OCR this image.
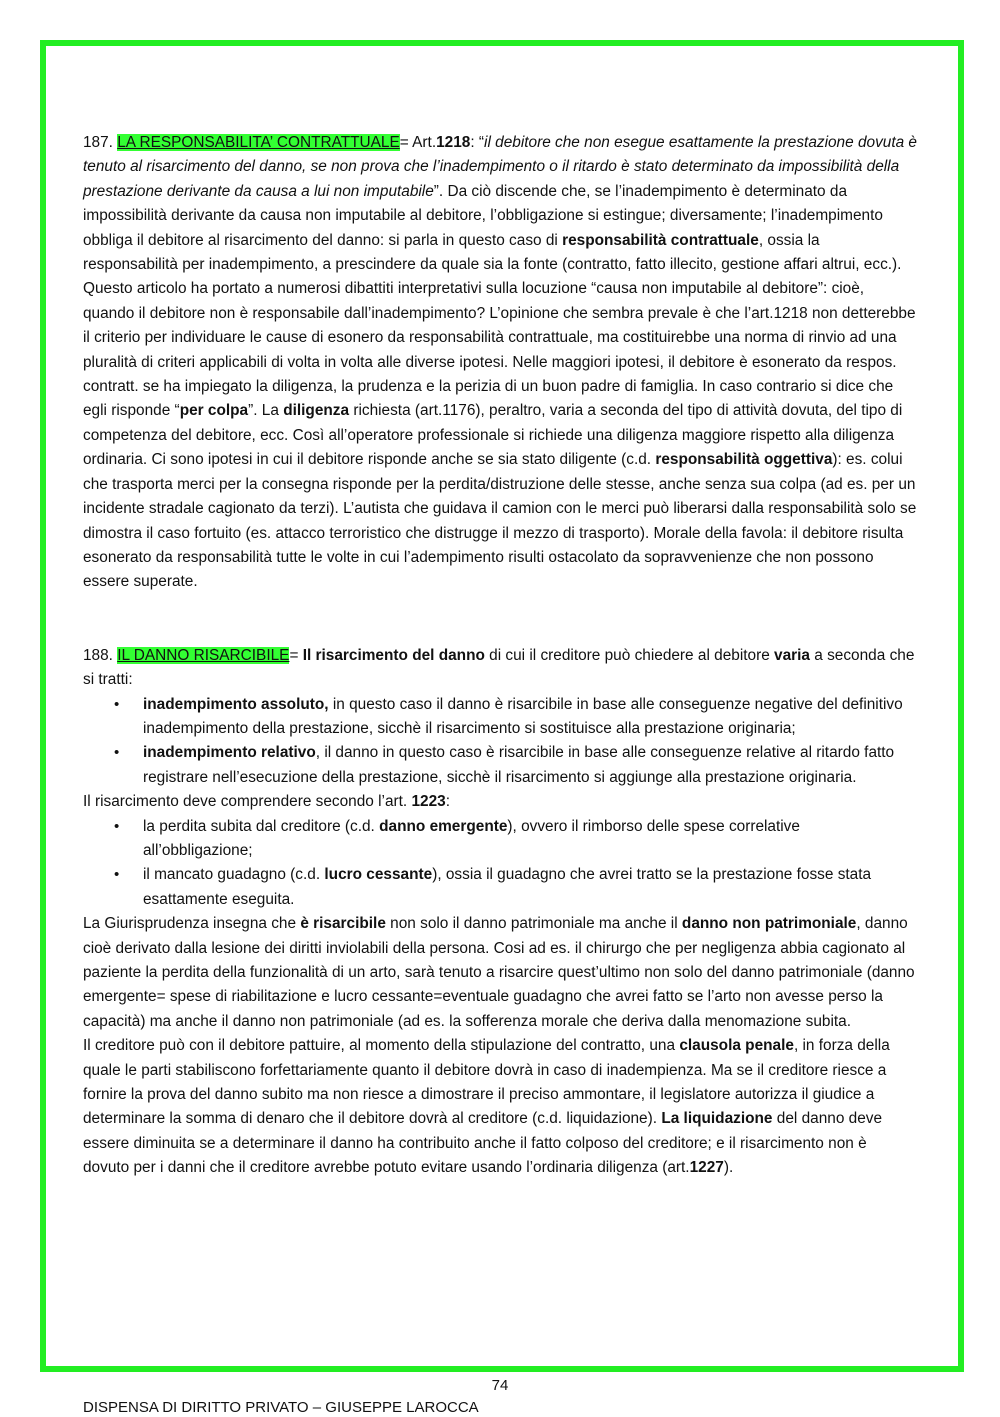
187. LA RESPONSABILITA’ CONTRATTUALE= Art.1218: “il debitore che non esegue esattamente la prestazione dovuta è tenuto al risarcimento del danno, se non prova che l’inadempimento o il ritardo è stato determinato da impossibilità della prestazione derivante da causa a lui non imputabile”. Da ciò discende che, se l’inadempimento è determinato da impossibilità derivante da causa non imputabile al debitore, l’obbligazione si estingue; diversamente; l’inadempimento obbliga il debitore al risarcimento del danno: si parla in questo caso di responsabilità contrattuale, ossia la responsabilità per inadempimento, a prescindere da quale sia la fonte (contratto, fatto illecito, gestione affari altrui, ecc.). Questo articolo ha portato a numerosi dibattiti interpretativi sulla locuzione “causa non imputabile al debitore”: cioè, quando il debitore non è responsabile dall’inadempimento? L’opinione che sembra prevale è che l’art.1218 non detterebbe il criterio per individuare le cause di esonero da responsabilità contrattuale, ma costituirebbe una norma di rinvio ad una pluralità di criteri applicabili di volta in volta alle diverse ipotesi. Nelle maggiori ipotesi, il debitore è esonerato da respos. contratt. se ha impiegato la diligenza, la prudenza e la perizia di un buon padre di famiglia. In caso contrario si dice che egli risponde “per colpa”. La diligenza richiesta (art.1176), peraltro, varia a seconda del tipo di attività dovuta, del tipo di competenza del debitore, ecc. Così all’operatore professionale si richiede una diligenza maggiore rispetto alla diligenza ordinaria. Ci sono ipotesi in cui il debitore risponde anche se sia stato diligente (c.d. responsabilità oggettiva): es. colui che trasporta merci per la consegna risponde per la perdita/distruzione delle stesse, anche senza sua colpa (ad es. per un incidente stradale cagionato da terzi). L’autista che guidava il camion con le merci può liberarsi dalla responsabilità solo se dimostra il caso fortuito (es. attacco terroristico che distrugge il mezzo di trasporto). Morale della favola: il debitore risulta esonerato da responsabilità tutte le volte in cui l’adempimento risulti ostacolato da sopravvenienze che non possono essere superate.

188. IL DANNO RISARCIBILE= Il risarcimento del danno di cui il creditore può chiedere al debitore varia a seconda che si tratti:

• inadempimento assoluto, in questo caso il danno è risarcibile in base alle conseguenze negative del definitivo inadempimento della prestazione, sicchè il risarcimento si sostituisce alla prestazione originaria;
• inadempimento relativo, il danno in questo caso è risarcibile in base alle conseguenze relative al ritardo fatto registrare nell’esecuzione della prestazione, sicchè il risarcimento si aggiunge alla prestazione originaria.

Il risarcimento deve comprendere secondo l’art. 1223:

• la perdita subita dal creditore (c.d. danno emergente), ovvero il rimborso delle spese correlative all’obbligazione;
• il mancato guadagno (c.d. lucro cessante), ossia il guadagno che avrei tratto se la prestazione fosse stata esattamente eseguita.

La Giurisprudenza insegna che è risarcibile non solo il danno patrimoniale ma anche il danno non patrimoniale, danno cioè derivato dalla lesione dei diritti inviolabili della persona. Cosi ad es. il chirurgo che per negligenza abbia cagionato al paziente la perdita della funzionalità di un arto, sarà tenuto a risarcire quest’ultimo non solo del danno patrimoniale (danno emergente= spese di riabilitazione e lucro cessante=eventuale guadagno che avrei fatto se l’arto non avesse perso la capacità) ma anche il danno non patrimoniale (ad es. la sofferenza morale che deriva dalla menomazione subita.

Il creditore può con il debitore pattuire, al momento della stipulazione del contratto, una clausola penale, in forza della quale le parti stabiliscono forfettariamente quanto il debitore dovrà in caso di inadempienza. Ma se il creditore riesce a fornire la prova del danno subito ma non riesce a dimostrare il preciso ammontare, il legislatore autorizza il giudice a determinare la somma di denaro che il debitore dovrà al creditore (c.d. liquidazione). La liquidazione del danno deve essere diminuita se a determinare il danno ha contribuito anche il fatto colposo del creditore; e il risarcimento non è dovuto per i danni che il creditore avrebbe potuto evitare usando l’ordinaria diligenza (art.1227).

74
DISPENSA DI DIRITTO PRIVATO – GIUSEPPE LAROCCA
